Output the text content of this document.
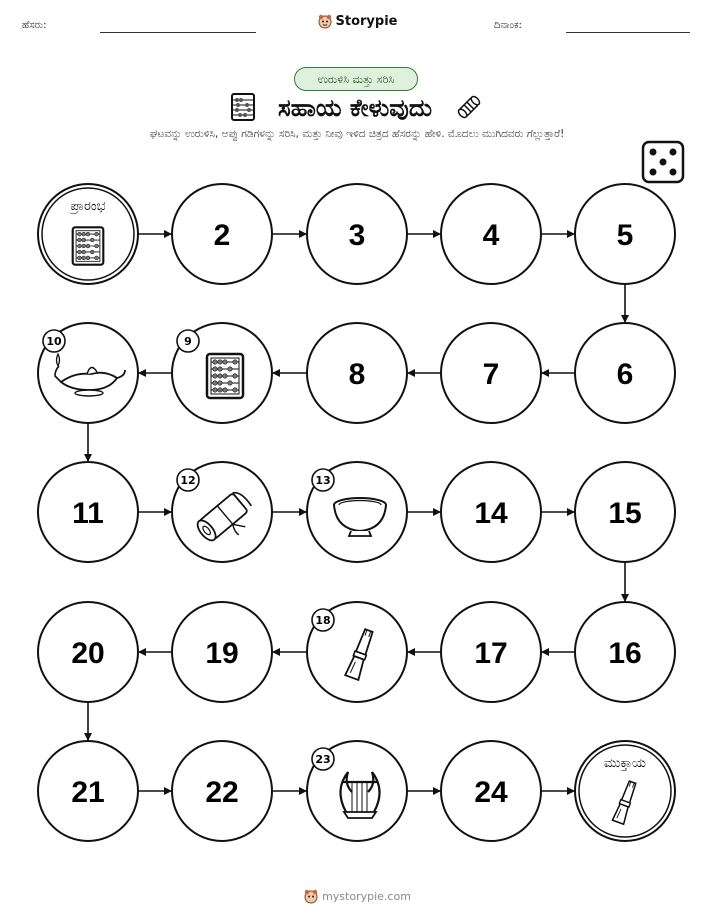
ಹೆಸರು:	Storypie	ದಿನಾಂಕ:
ಉರುಳಿಸಿ ಮತ್ತು ಸರಿಸಿ
ಸಹಾಯ ಕೇಳುವುದು
ಘಟವನ್ನು ಉರುಳಿಸಿ, ಅಪ್ಪು ಗಡಿಗಳನ್ನು ಸರಿಸಿ, ಮತ್ತು ನೀವು ಇಳಿದ ಚಿತ್ರದ ಹೆಸರನ್ನು ಹೇಳಿ. ಮೊದಲು ಮುಗಿದವರು ಗೆಲ್ಲುತ್ತಾರೆ!
ಪ್ರಾರಂಭ
2	3	4	5
6
7
8
9
10
11
12	13
14	15
16
17
18
19
20
21	22
23
24
ಮುಕ್ತಾಯ
mystorypie.com
